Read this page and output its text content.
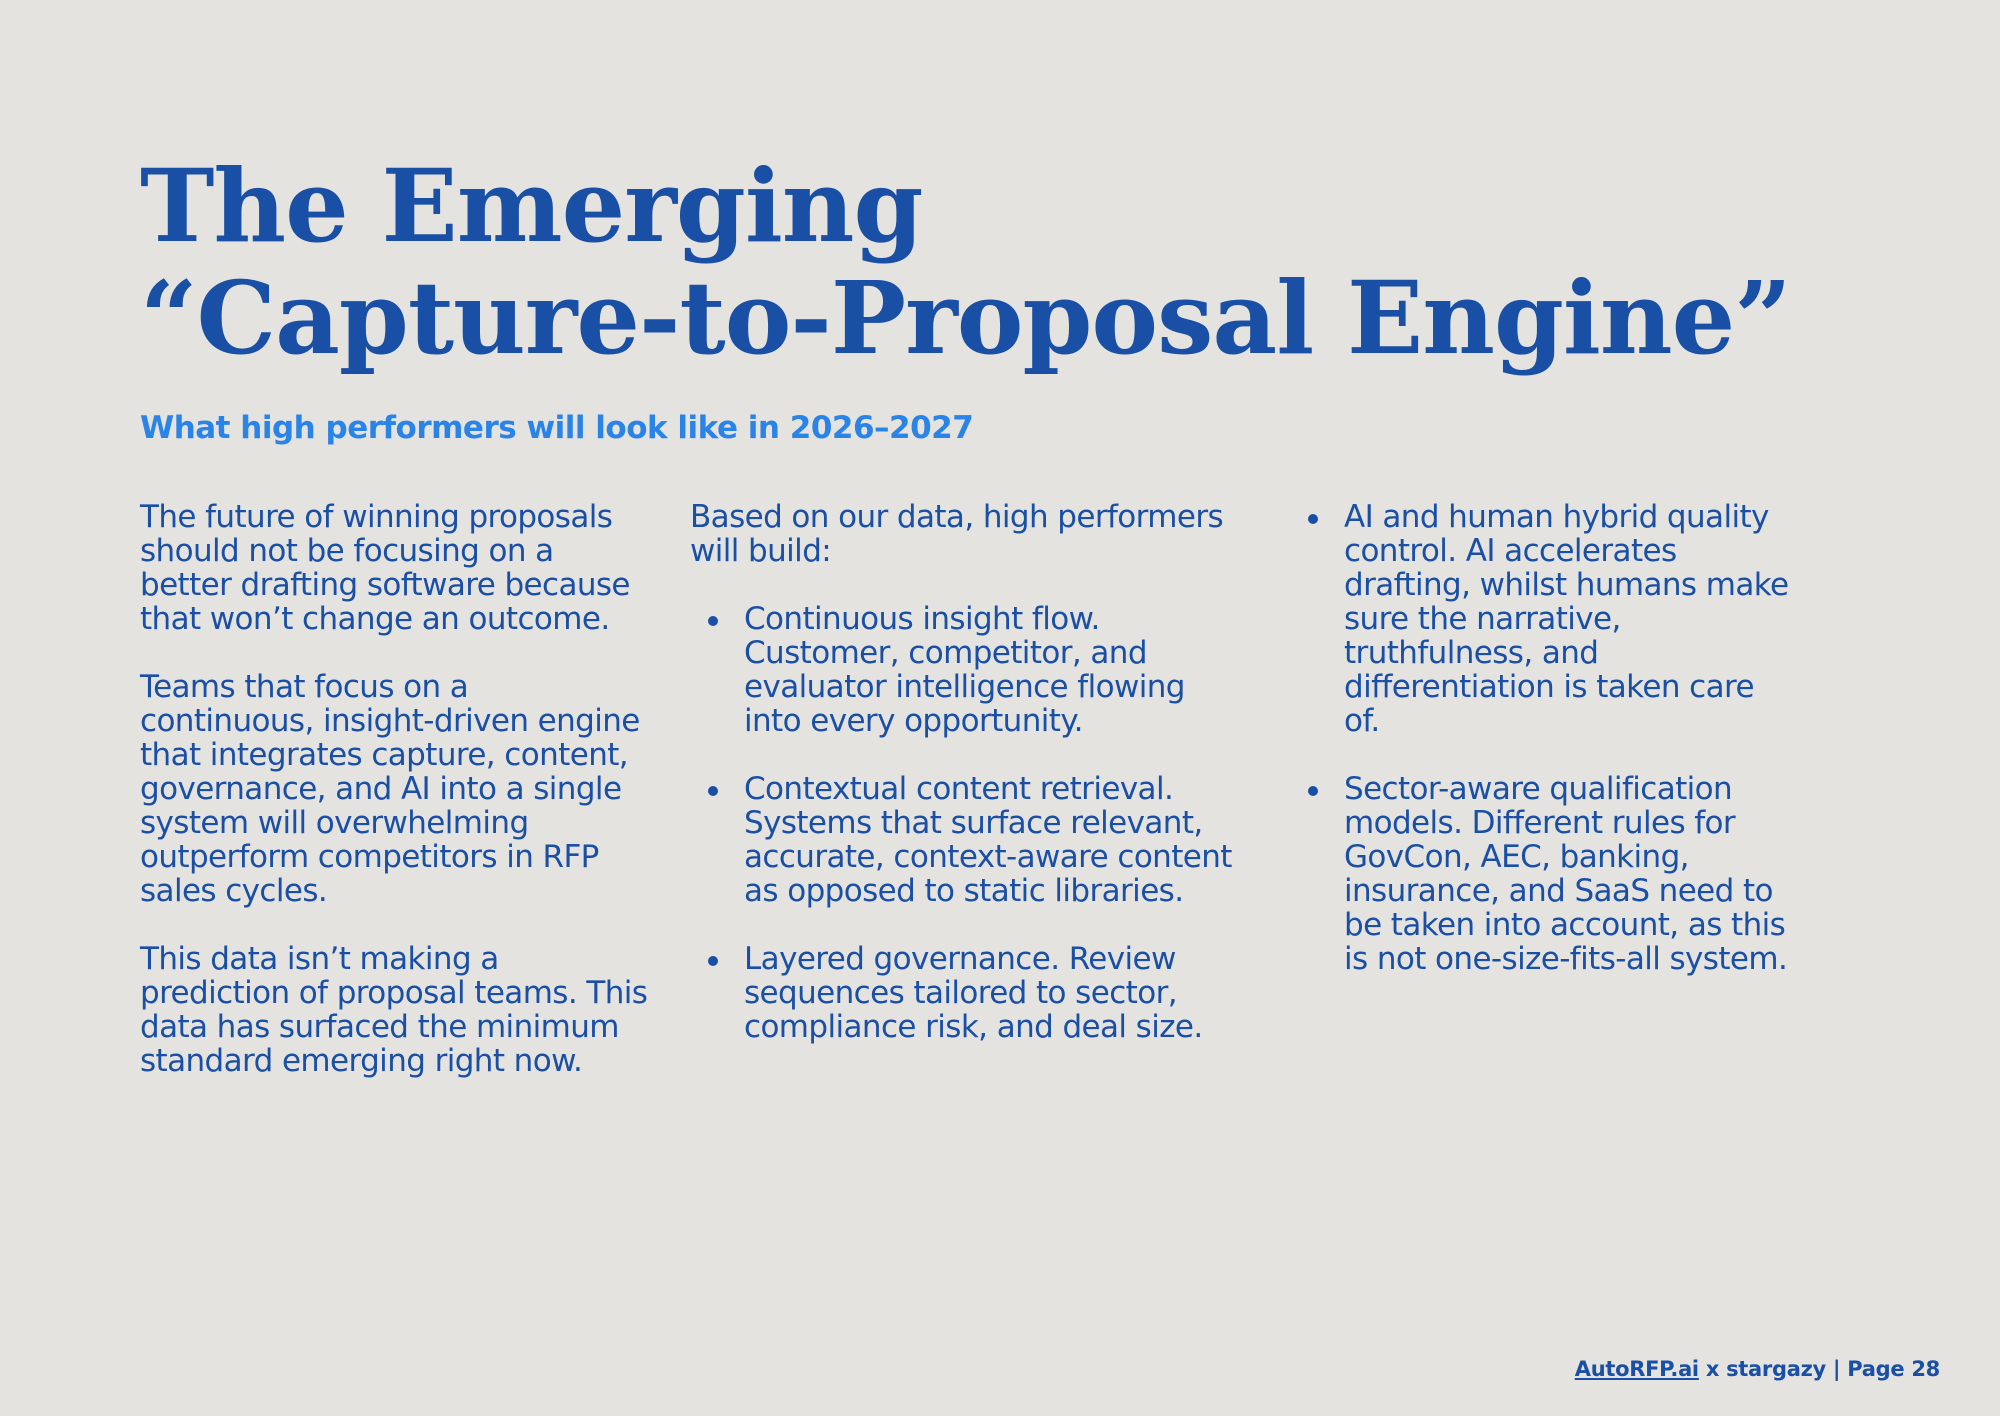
The Emerging
“Capture-to-Proposal Engine”
What high performers will look like in 2026–2027

The future of winning proposals should not be focusing on a better drafting software because that won’t change an outcome.

Teams that focus on a continuous, insight-driven engine that integrates capture, content, governance, and AI into a single system will overwhelming outperform competitors in RFP sales cycles.

This data isn’t making a prediction of proposal teams. This data has surfaced the minimum standard emerging right now.

Based on our data, high performers will build:

Continuous insight flow. Customer, competitor, and evaluator intelligence flowing into every opportunity.
Contextual content retrieval. Systems that surface relevant, accurate, context-aware content as opposed to static libraries.
Layered governance. Review sequences tailored to sector, compliance risk, and deal size.
AI and human hybrid quality control. AI accelerates drafting, whilst humans make sure the narrative, truthfulness, and differentiation is taken care of.
Sector-aware qualification models. Different rules for GovCon, AEC, banking, insurance, and SaaS need to be taken into account, as this is not one-size-fits-all system.
AutoRFP.ai x stargazy | Page 28
